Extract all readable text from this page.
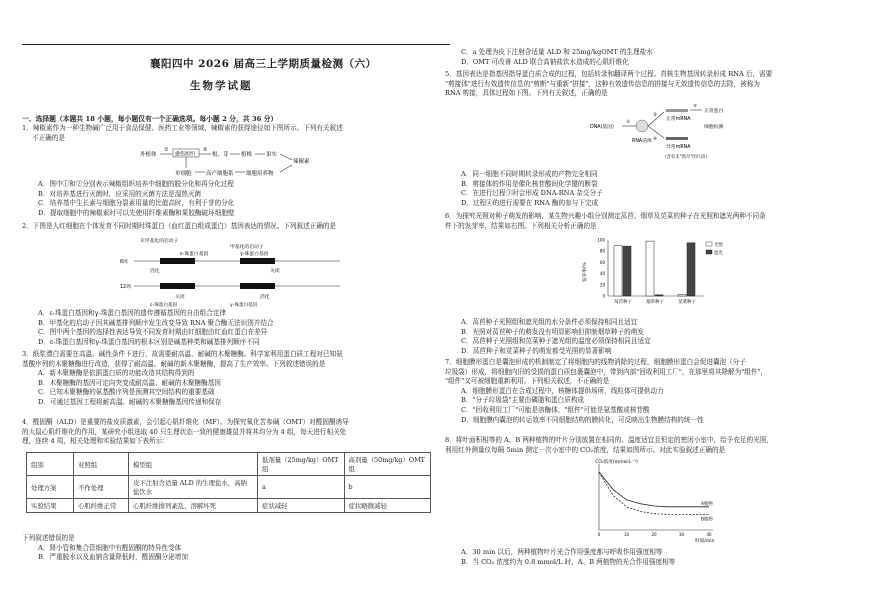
襄阳四中 2026 届高三上学期质量检测（六）
生物学试题
一、选择题（本题共 18 小题，每小题仅有一个正确选项。每小题 2 分，共 36 分）

1．辣椒素作为一种生物碱广泛用于食品保健、医药工业等领域，辣椒素的获得途径如下图所示。下列有关叙述

不正确的是

外植体
①
愈伤组织
②
根、芽 植株	果实
辣椒素
单细胞	高产细胞系 细胞培养物

A．图中①和②分别表示辣椒组织培养中细胞的脱分化和再分化过程

B．对培养基进行灭菌时，应采用的灭菌方法是湿热灭菌

C．培养基中生长素与细胞分裂素用量的比值高时，有利于芽的分化

D．提取细胞中的辣椒素时可以先使用纤维素酶和果胶酶破坏细胞壁

2．下图是人红细胞在个体发育不同时期时珠蛋白（血红蛋白组成蛋白）基因表达的情况。下列叙述正确的是

未甲基化的启动子
甲基化的启动子
ε-珠蛋白基因	γ-珠蛋白基因
6周
活化	关闭
12周
关闭	活化
ε-珠蛋白基因	γ-珠蛋白基因

A．ε-珠蛋白基因和γ-珠蛋白基因的遗传遵循基因的自由组合定律

B．甲基化的启动子因其碱基排列顺序发生改变导致 RNA 聚合酶无法识别并结合

C．图中两个基因的选择性表达导致不同发育时期由红细胞由红血红蛋白在差异

D．ε-珠蛋白基因和γ-珠蛋白基因的根本区别是碱基种类和碱基排列顺序不同

3．纸浆漂白需要在高温、碱性条件下进行，故需要耐高温、耐碱的木聚糖酶。科学家利用蛋白质工程对已知氨

基酸序列的木聚糖酶进行改造，获得了耐高温、耐碱的新木聚糖酶，提高了生产效率。下列叙述错误的是

A．新木聚糖酶是依据蛋白质的功能改造其结构得到的

B．木聚糖酶的基因可定向突变成耐高温、耐碱的木聚糖酶基因

C．已知木聚糖酶的氨基酸序列是预测其空间结构的重要基础

D．可通过基因工程将耐高温、耐碱的木聚糖酶基因传递和保存

4．醛固酮（ALD）是重要的盐皮质激素，会引起心肌纤维化（MF）。为探究氧化苦参碱（OMT）对醛固酮诱导

的大鼠心肌纤维化的作用，某研究小组选取 40 只生理状态一致的健康雄鼠并将其均分为 4 组，每天进行相关处

理，连续 4 周，相关处理和实验结果如下表所示：

组别	对照组	模型组	低剂量（25mg/kg）OMT组	高剂量（50mg/kg）OMT组
处理方案	不作处理	皮下注射含适量 ALD 的生理盐水，高钠盐饮水	a	b
实验结果	心肌纤维正常	心肌纤维排列紊乱，溶解坏死	症状减轻	症状略微减轻

下列叙述错误的是

A．肾小管和集合管细胞中有醛固酮的特异性受体

B．严重脱水以及血钠含量降低时，醛固酮分泌增加

C．a 处理为皮下注射含适量 ALD 和 25mg/kgOMT 的生理盐水

D．OMT 可改善 ALD 联合高钠盐饮水造成的心肌纤维化

5．基因表达是指基因指导蛋白质合成的过程，包括转录和翻译两个过程。真核生物基因转录形成 RNA 后，需要

"剪接体"进行有效遗传信息的"剪断"与重新"拼接"，这种有效遗传信息的拼接与无效遗传信息的去除，被称为

RNA 剪接，具体过程如下图。下列有关叙述，正确的是

DNA(基因)
①
RNA前体
②
④
正常mRNA
③
正常蛋白
细胞检测
异常mRNA
（含有未"剪尽"的片段）

A．同一细胞不同时期转录形成的产物完全相同

B．剪接体的作用是催化核苷酸间化学键的断裂

C．在进行过程③时会形成 DNA-RNA 杂交分子

D．过程④的进行需要在 RNA 酶的参与下完成

6．为探究光照对种子萌发的影响，某生物兴趣小组分别测定莴苣、烟草及苋菜的种子在光照和遮光两种不同条

件下的发芽率，结果如右图。下列相关分析正确的是

发芽率/%
0
20
40
60
80
100
莴苣种子	烟草种子	苋菜种子
光照
遮光

A．莴苣种子光照组和遮光组的水分条件必须保持相同且适宜

B．光照对莴苣种子的萌发没有明显影响但抑制烟草种子的萌发

C．莴苣种子光照组和苋菜种子遮光组的温度必须保持相同且适宜

D．莴苣种子和苋菜种子的萌发都受光照的显著影响

7．细胞膜形蛋白是囊泡形成的机制制定了将细胞内的线物消除的过程，细胞膜形蛋白会促进囊泡（分子

垃圾袋）形成，将细胞内旧的受损的蛋白质包裹囊泡中，带到内部"回收利用工厂"，在那里将其降解为"组件"，

"组件"又可被细胞重新利用。下列相关叙述，不正确的是

A．细胞膜形蛋白在合成过程中，核糖体提供场所，线粒体可提供动力

B．"分子垃圾袋"主要由磷脂和蛋白质构成

C．"回收利用工厂"可能是溶酶体，"组件"可能是氨基酸或核苷酸

D．细胞膜内囊泡的转运效率不同细胞结构的膜转化，可反映出生物膜结构的统一性

8．将叶面积相等的 A、B 两种植物的叶片分别放置在相同的、温度适宜且恒定的密闭小室中，给予充足的光照，

利用红外测量仪每隔 5min 测定一次小室中的 CO₂浓度，结果如图所示。对此实验叙述正确的是

CO₂浓度(mmol·L⁻¹)
时间/min
0	10	20	30	40
A植物
B植物

A．30 min 以后，两种植物叶片光合作用强度都与呼吸作用强度相等

B．当 CO₂ 浓度约为 0.8 mmol/L 时，A、B 两植物的光合作用强度相等
